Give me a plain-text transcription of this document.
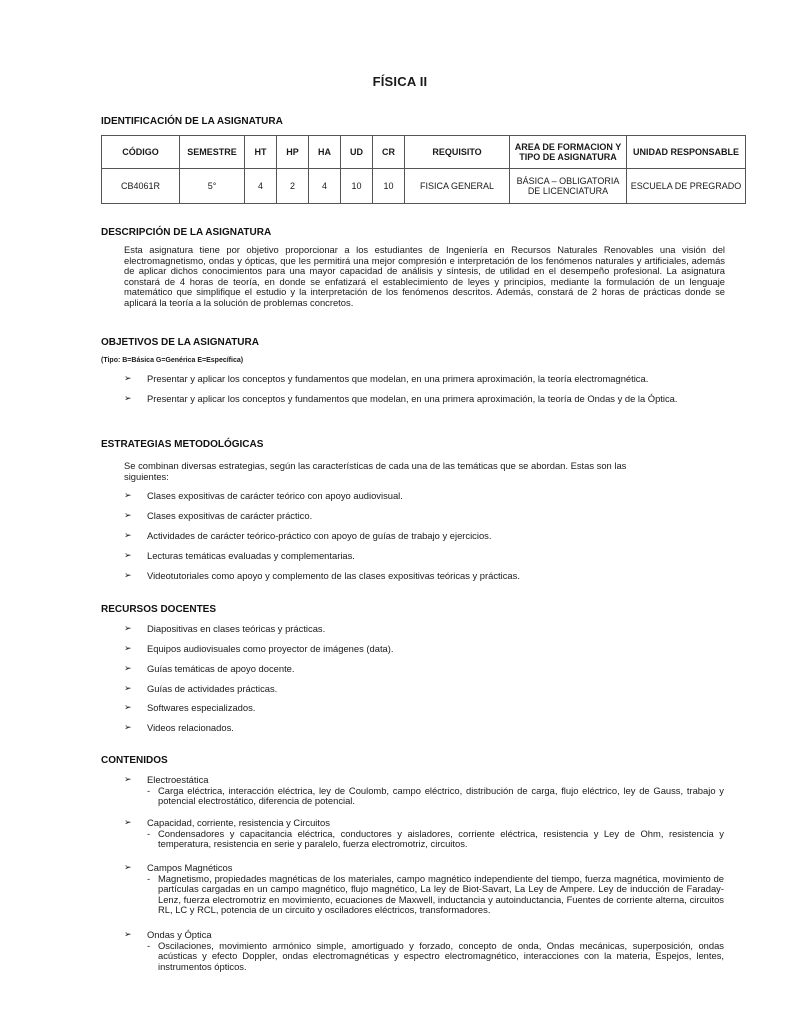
FÍSICA II
IDENTIFICACIÓN DE LA ASIGNATURA
CÓDIGO	SEMESTRE	HT	HP	HA	UD	CR	REQUISITO	AREA DE FORMACION Y TIPO DE ASIGNATURA	UNIDAD RESPONSABLE
CB4061R	5°	4	2	4	10	10	FISICA GENERAL	BÁSICA – OBLIGATORIA DE LICENCIATURA	ESCUELA DE PREGRADO
DESCRIPCIÓN DE LA ASIGNATURA
Esta asignatura tiene por objetivo proporcionar a los estudiantes de Ingeniería en Recursos Naturales Renovables una visión del electromagnetismo, ondas y ópticas, que les permitirá una mejor compresión e interpretación de los fenómenos naturales y artificiales, además de aplicar dichos conocimientos para una mayor capacidad de análisis y síntesis, de utilidad en el desempeño profesional. La asignatura constará de 4 horas de teoría, en donde se enfatizará el establecimiento de leyes y principios, mediante la formulación de un lenguaje matemático que simplifique el estudio y la interpretación de los fenómenos descritos. Además, constará de 2 horas de prácticas donde se aplicará la teoría a la solución de problemas concretos.
OBJETIVOS DE LA ASIGNATURA
(Tipo: B=Básica G=Genérica E=Específica)
➢	Presentar y aplicar los conceptos y fundamentos que modelan, en una primera aproximación, la teoría electromagnética.
➢	Presentar y aplicar los conceptos y fundamentos que modelan, en una primera aproximación, la teoría de Ondas y de la Óptica.
ESTRATEGIAS METODOLÓGICAS
Se combinan diversas estrategias, según las características de cada una de las temáticas que se abordan. Estas son las siguientes:
➢	Clases expositivas de carácter teórico con apoyo audiovisual.
➢	Clases expositivas de carácter práctico.
➢	Actividades de carácter teórico-práctico con apoyo de guías de trabajo y ejercicios.
➢	Lecturas temáticas evaluadas y complementarias.
➢	Videotutoriales como apoyo y complemento de las clases expositivas teóricas y prácticas.
RECURSOS DOCENTES
➢	Diapositivas en clases teóricas y prácticas.
➢	Equipos audiovisuales como proyector de imágenes (data).
➢	Guías temáticas de apoyo docente.
➢	Guías de actividades prácticas.
➢	Softwares especializados.
➢	Videos relacionados.
CONTENIDOS
➢	Electroestática
- Carga eléctrica, interacción eléctrica, ley de Coulomb, campo eléctrico, distribución de carga, flujo eléctrico, ley de Gauss, trabajo y potencial electrostático, diferencia de potencial.
➢	Capacidad, corriente, resistencia y Circuitos
- Condensadores y capacitancia eléctrica, conductores y aisladores, corriente eléctrica, resistencia y Ley de Ohm, resistencia y temperatura, resistencia en serie y paralelo, fuerza electromotriz, circuitos.
➢	Campos Magnéticos
- Magnetismo, propiedades magnéticas de los materiales, campo magnético independiente del tiempo, fuerza magnética, movimiento de partículas cargadas en un campo magnético, flujo magnético, La ley de Biot-Savart, La Ley de Ampere. Ley de inducción de Faraday-Lenz, fuerza electromotriz en movimiento, ecuaciones de Maxwell, inductancia y autoinductancia, Fuentes de corriente alterna, circuitos RL, LC y RCL, potencia de un circuito y osciladores eléctricos, transformadores.
➢	Ondas y Óptica
- Oscilaciones, movimiento armónico simple, amortiguado y forzado, concepto de onda, Ondas mecánicas, superposición, ondas acústicas y efecto Doppler, ondas electromagnéticas y espectro electromagnético, interacciones con la materia, Espejos, lentes, instrumentos ópticos.
